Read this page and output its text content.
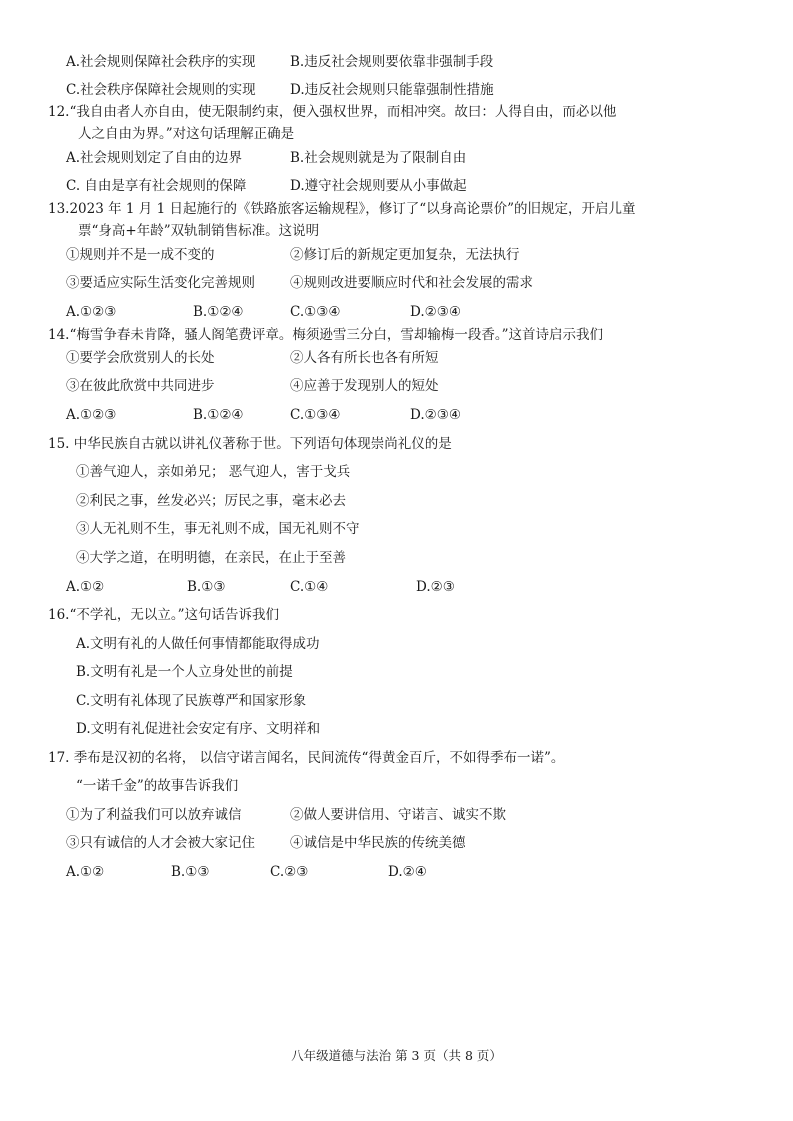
A.社会规则保障社会秩序的实现	B.违反社会规则要依靠非强制手段
C.社会秩序保障社会规则的实现	D.违反社会规则只能靠强制性措施
12.“我自由者人亦自由，使无限制约束，便入强权世界，而相冲突。故曰：人得自由，而必以他
人之自由为界。”对这句话理解正确是
A.社会规则划定了自由的边界	B.社会规则就是为了限制自由
C. 自由是享有社会规则的保障	D.遵守社会规则要从小事做起
13.2023 年 1 月 1 日起施行的《铁路旅客运输规程》，修订了“以身高论票价”的旧规定，开启儿童
票“身高+年龄”双轨制销售标准。这说明
①规则并不是一成不变的	②修订后的新规定更加复杂，无法执行
③要适应实际生活变化完善规则	④规则改进要顺应时代和社会发展的需求
A.①②③	B.①②④	C.①③④	D.②③④
14.“梅雪争春未肯降，骚人阁笔费评章。梅须逊雪三分白，雪却输梅一段香。”这首诗启示我们
①要学会欣赏别人的长处	②人各有所长也各有所短
③在彼此欣赏中共同进步	④应善于发现别人的短处
A.①②③	B.①②④	C.①③④	D.②③④
15. 中华民族自古就以讲礼仪著称于世。下列语句体现崇尚礼仪的是
①善气迎人，亲如弟兄； 恶气迎人，害于戈兵
②利民之事，丝发必兴；厉民之事，毫末必去
③人无礼则不生，事无礼则不成，国无礼则不守
④大学之道，在明明德，在亲民，在止于至善
A.①②	B.①③	C.①④	D.②③
16.“不学礼，无以立。”这句话告诉我们
A.文明有礼的人做任何事情都能取得成功
B.文明有礼是一个人立身处世的前提
C.文明有礼体现了民族尊严和国家形象
D.文明有礼促进社会安定有序、文明祥和
17. 季布是汉初的名将， 以信守诺言闻名，民间流传“得黄金百斤，不如得季布一诺”。
“一诺千金”的故事告诉我们
①为了利益我们可以放弃诚信	②做人要讲信用、守诺言、诚实不欺
③只有诚信的人才会被大家记住	④诚信是中华民族的传统美德
A.①②	B.①③	C.②③	D.②④
八年级道德与法治 第 3 页（共 8 页）
